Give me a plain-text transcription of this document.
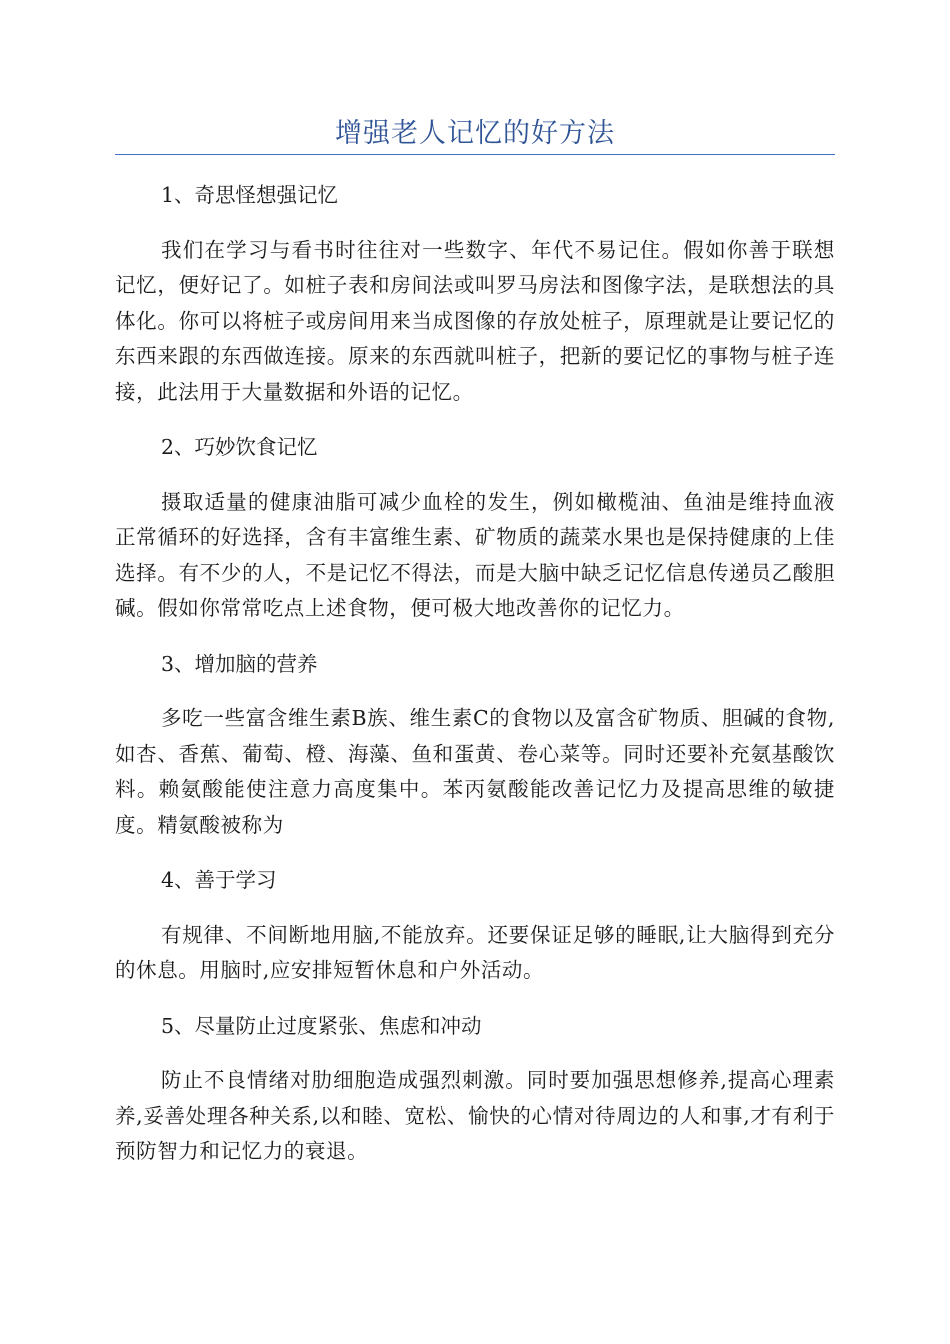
增强老人记忆的好方法
1、奇思怪想强记忆
我们在学习与看书时往往对一些数字、年代不易记住。假如你善于联想记忆，便好记了。如桩子表和房间法或叫罗马房法和图像字法，是联想法的具体化。你可以将桩子或房间用来当成图像的存放处桩子，原理就是让要记忆的东西来跟的东西做连接。原来的东西就叫桩子，把新的要记忆的事物与桩子连接，此法用于大量数据和外语的记忆。
2、巧妙饮食记忆
摄取适量的健康油脂可减少血栓的发生，例如橄榄油、鱼油是维持血液正常循环的好选择，含有丰富维生素、矿物质的蔬菜水果也是保持健康的上佳选择。有不少的人，不是记忆不得法，而是大脑中缺乏记忆信息传递员乙酸胆碱。假如你常常吃点上述食物，便可极大地改善你的记忆力。
3、增加脑的营养
多吃一些富含维生素B族、维生素C的食物以及富含矿物质、胆碱的食物,如杏、香蕉、葡萄、橙、海藻、鱼和蛋黄、卷心菜等。同时还要补充氨基酸饮料。赖氨酸能使注意力高度集中。苯丙氨酸能改善记忆力及提高思维的敏捷度。精氨酸被称为
4、善于学习
有规律、不间断地用脑,不能放弃。还要保证足够的睡眠,让大脑得到充分的休息。用脑时,应安排短暂休息和户外活动。
5、尽量防止过度紧张、焦虑和冲动
防止不良情绪对肋细胞造成强烈刺激。同时要加强思想修养,提高心理素养,妥善处理各种关系,以和睦、宽松、愉快的心情对待周边的人和事,才有利于预防智力和记忆力的衰退。
